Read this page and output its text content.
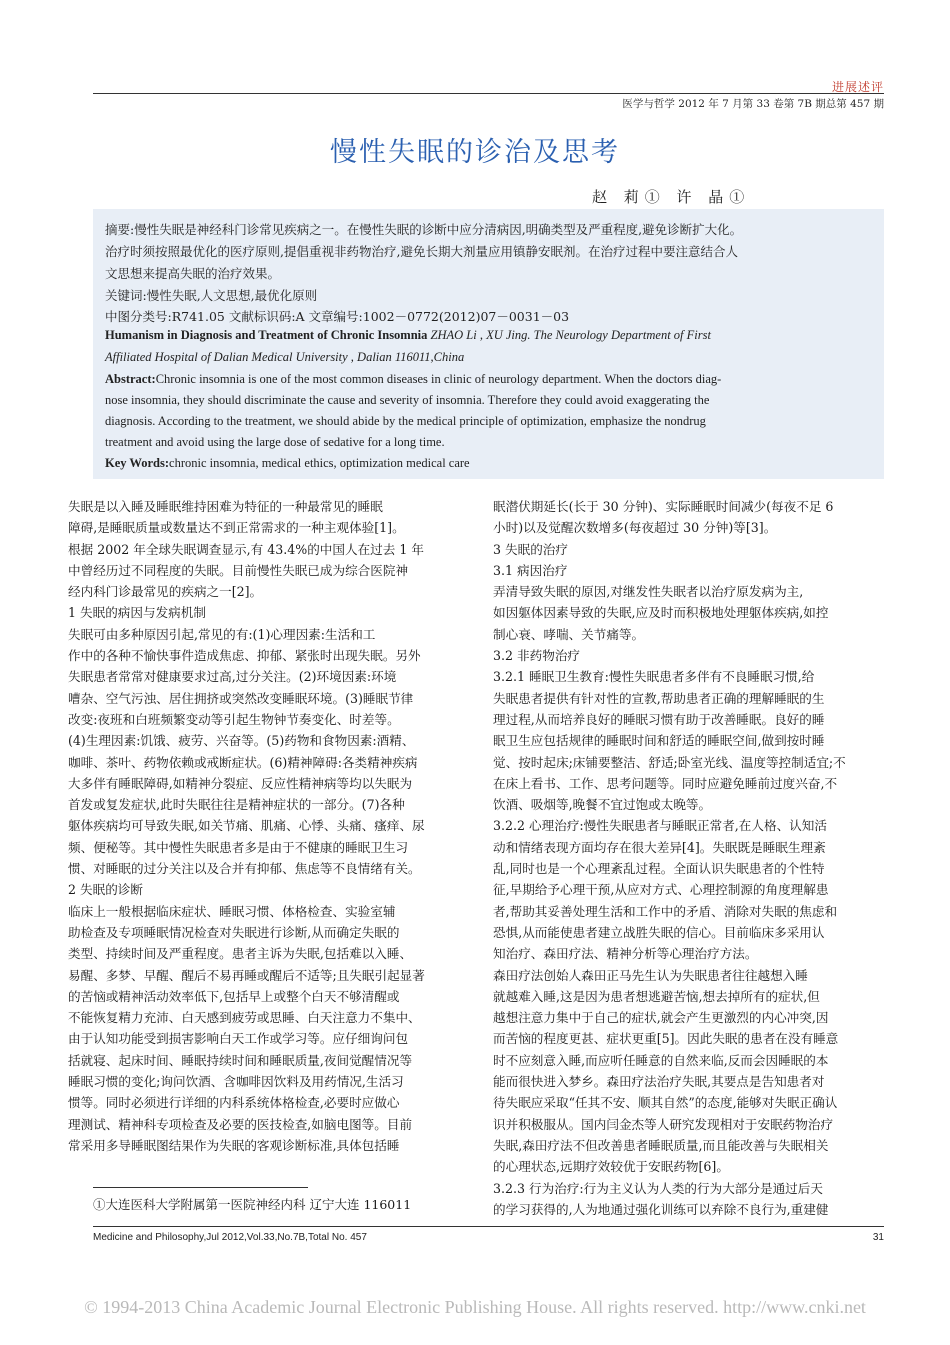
进展述评
医学与哲学 2012 年 7 月第 33 卷第 7B 期总第 457 期
慢性失眠的诊治及思考
赵 莉① 许 晶①
摘要:慢性失眠是神经科门诊常见疾病之一。在慢性失眠的诊断中应分清病因,明确类型及严重程度,避免诊断扩大化。
治疗时须按照最优化的医疗原则,提倡重视非药物治疗,避免长期大剂量应用镇静安眠剂。在治疗过程中要注意结合人
文思想来提高失眠的治疗效果。
关键词:慢性失眠,人文思想,最优化原则
中图分类号:R741.05 文献标识码:A 文章编号:1002－0772(2012)07－0031－03
Humanism in Diagnosis and Treatment of Chronic Insomnia ZHAO Li , XU Jing. The Neurology Department of First
Affiliated Hospital of Dalian Medical University , Dalian 116011,China
Abstract:Chronic insomnia is one of the most common diseases in clinic of neurology department. When the doctors diag-
nose insomnia, they should discriminate the cause and severity of insomnia. Therefore they could avoid exaggerating the
diagnosis. According to the treatment, we should abide by the medical principle of optimization, emphasize the nondrug
treatment and avoid using the large dose of sedative for a long time.
Key Words:chronic insomnia, medical ethics, optimization medical care

失眠是以入睡及睡眠维持困难为特征的一种最常见的睡眠

障碍,是睡眠质量或数量达不到正常需求的一种主观体验[1]。

根据 2002 年全球失眠调查显示,有 43.4%的中国人在过去 1 年

中曾经历过不同程度的失眠。目前慢性失眠已成为综合医院神

经内科门诊最常见的疾病之一[2]。

1 失眠的病因与发病机制

失眠可由多种原因引起,常见的有:(1)心理因素:生活和工

作中的各种不愉快事件造成焦虑、抑郁、紧张时出现失眠。另外

失眠患者常常对健康要求过高,过分关注。(2)环境因素:环境

嘈杂、空气污浊、居住拥挤或突然改变睡眠环境。(3)睡眠节律

改变:夜班和白班频繁变动等引起生物钟节奏变化、时差等。

(4)生理因素:饥饿、疲劳、兴奋等。(5)药物和食物因素:酒精、

咖啡、茶叶、药物依赖或戒断症状。(6)精神障碍:各类精神疾病

大多伴有睡眠障碍,如精神分裂症、反应性精神病等均以失眠为

首发或复发症状,此时失眠往往是精神症状的一部分。(7)各种

躯体疾病均可导致失眠,如关节痛、肌痛、心悸、头痛、瘙痒、尿

频、便秘等。其中慢性失眠患者多是由于不健康的睡眠卫生习

惯、对睡眠的过分关注以及合并有抑郁、焦虑等不良情绪有关。

2 失眠的诊断

临床上一般根据临床症状、睡眠习惯、体格检查、实验室辅

助检查及专项睡眠情况检查对失眠进行诊断,从而确定失眠的

类型、持续时间及严重程度。患者主诉为失眠,包括难以入睡、

易醒、多梦、早醒、醒后不易再睡或醒后不适等;且失眠引起显著

的苦恼或精神活动效率低下,包括早上或整个白天不够清醒或

不能恢复精力充沛、白天感到疲劳或思睡、白天注意力不集中、

由于认知功能受到损害影响白天工作或学习等。应仔细询问包

括就寝、起床时间、睡眠持续时间和睡眠质量,夜间觉醒情况等

睡眠习惯的变化;询问饮酒、含咖啡因饮料及用药情况,生活习

惯等。同时必须进行详细的内科系统体格检查,必要时应做心

理测试、精神科专项检查及必要的医技检查,如脑电图等。目前

常采用多导睡眠图结果作为失眠的客观诊断标准,具体包括睡

眠潜伏期延长(长于 30 分钟)、实际睡眠时间减少(每夜不足 6

小时)以及觉醒次数增多(每夜超过 30 分钟)等[3]。

3 失眠的治疗

3.1 病因治疗

弄清导致失眠的原因,对继发性失眠者以治疗原发病为主,

如因躯体因素导致的失眠,应及时而积极地处理躯体疾病,如控

制心衰、哮喘、关节痛等。

3.2 非药物治疗

3.2.1 睡眠卫生教育:慢性失眠患者多伴有不良睡眠习惯,给

失眠患者提供有针对性的宣教,帮助患者正确的理解睡眠的生

理过程,从而培养良好的睡眠习惯有助于改善睡眠。良好的睡

眠卫生应包括规律的睡眠时间和舒适的睡眠空间,做到按时睡

觉、按时起床;床铺要整洁、舒适;卧室光线、温度等控制适宜;不

在床上看书、工作、思考问题等。同时应避免睡前过度兴奋,不

饮酒、吸烟等,晚餐不宜过饱或太晚等。

3.2.2 心理治疗:慢性失眠患者与睡眠正常者,在人格、认知活

动和情绪表现方面均存在很大差异[4]。失眠既是睡眠生理紊

乱,同时也是一个心理紊乱过程。全面认识失眠患者的个性特

征,早期给予心理干预,从应对方式、心理控制源的角度理解患

者,帮助其妥善处理生活和工作中的矛盾、消除对失眠的焦虑和

恐惧,从而能使患者建立战胜失眠的信心。目前临床多采用认

知治疗、森田疗法、精神分析等心理治疗方法。

森田疗法创始人森田正马先生认为失眠患者往往越想入睡

就越难入睡,这是因为患者想逃避苦恼,想去掉所有的症状,但

越想注意力集中于自己的症状,就会产生更激烈的内心冲突,因

而苦恼的程度更甚、症状更重[5]。因此失眠的患者在没有睡意

时不应刻意入睡,而应听任睡意的自然来临,反而会因睡眠的本

能而很快进入梦乡。森田疗法治疗失眠,其要点是告知患者对

待失眠应采取“任其不安、顺其自然”的态度,能够对失眠正确认

识并积极服从。国内闫金杰等人研究发现相对于安眠药物治疗

失眠,森田疗法不但改善患者睡眠质量,而且能改善与失眠相关

的心理状态,远期疗效较优于安眠药物[6]。

3.2.3 行为治疗:行为主义认为人类的行为大部分是通过后天

的学习获得的,人为地通过强化训练可以弃除不良行为,重建健

①大连医科大学附属第一医院神经内科 辽宁大连 116011
Medicine and Philosophy,Jul 2012,Vol.33,No.7B,Total No. 457	31
© 1994-2013 China Academic Journal Electronic Publishing House. All rights reserved. http://www.cnki.net
